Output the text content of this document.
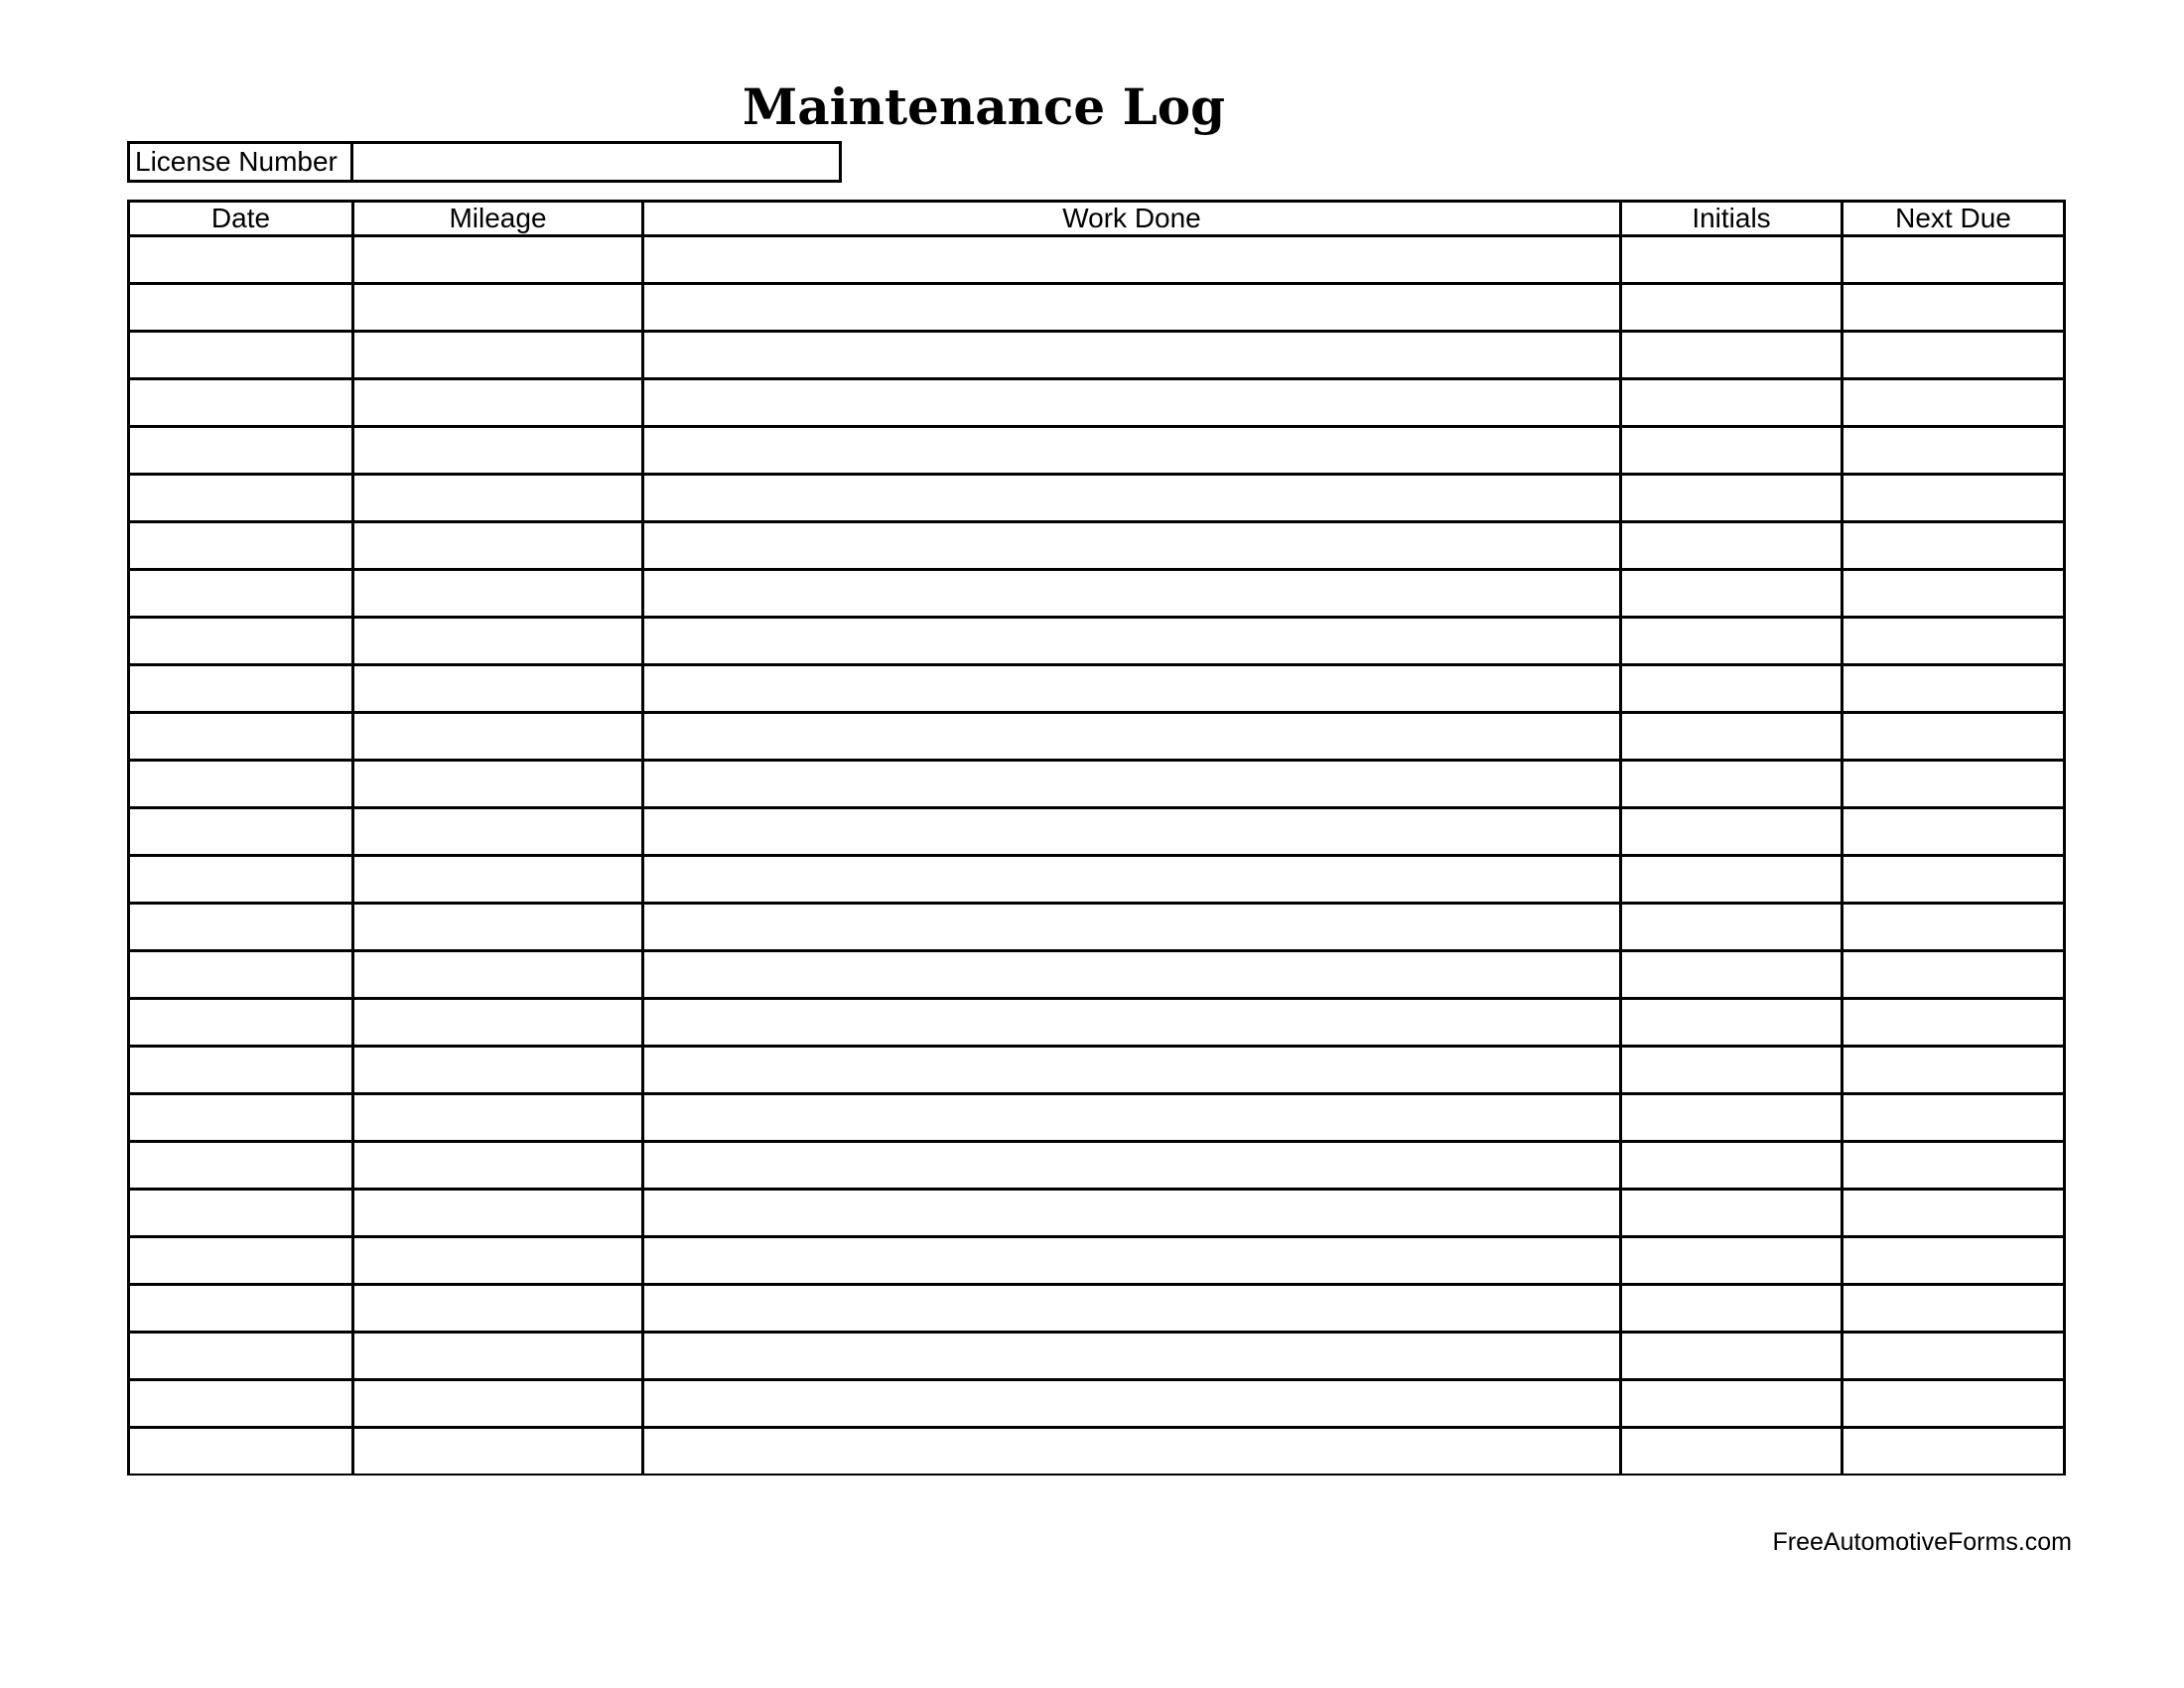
Maintenance Log
License Number
Date	Mileage	Work Done	Initials	Next Due

FreeAutomotiveForms.com
